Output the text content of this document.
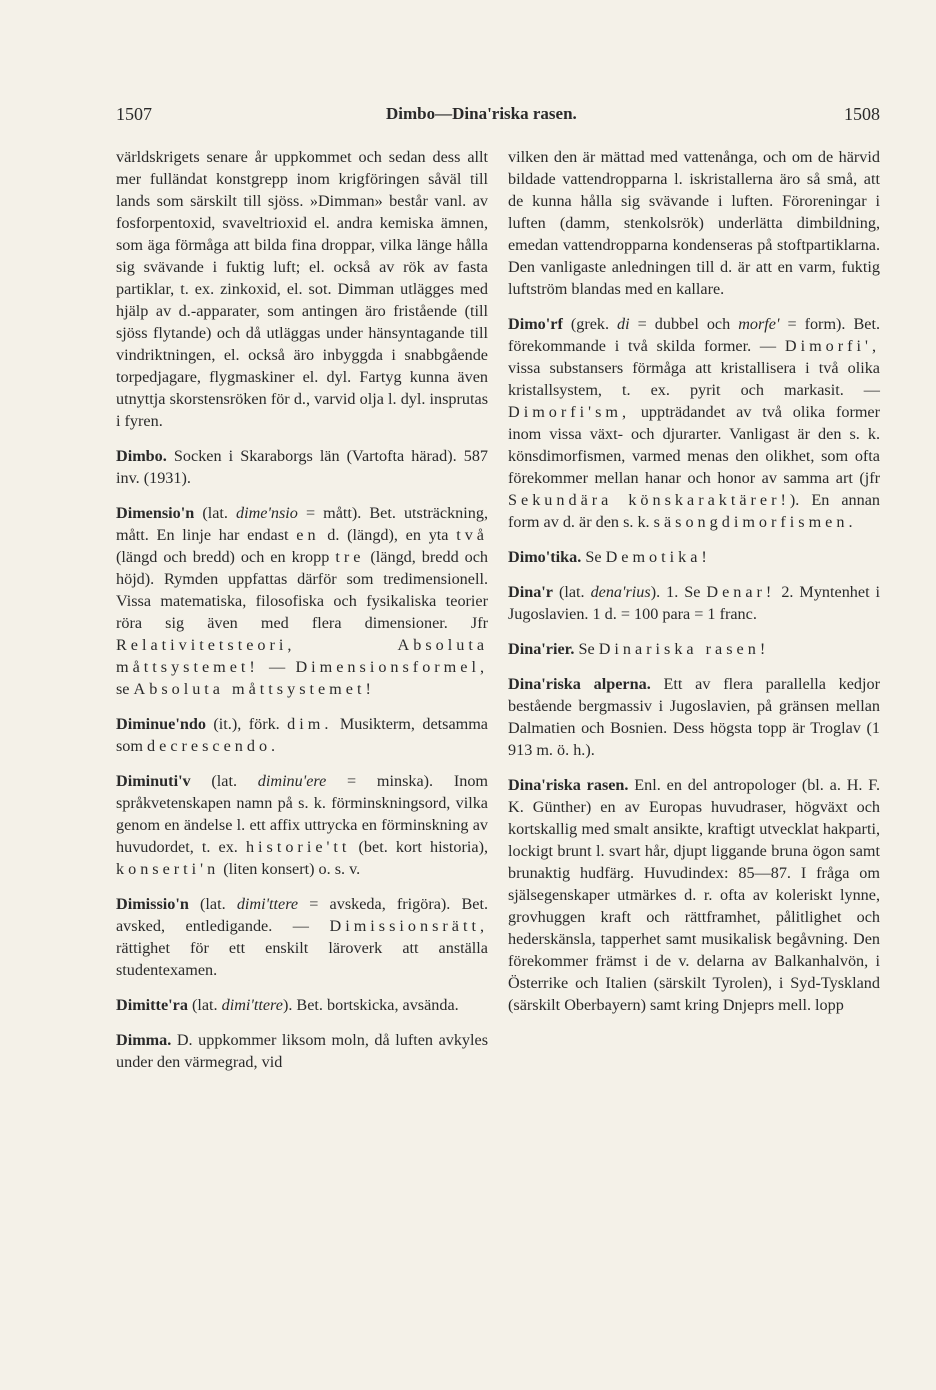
1507	Dimbo—Dina'riska rasen.	1508

världskrigets senare år uppkommet och sedan dess allt mer fulländat konstgrepp inom krigföringen såväl till lands som särskilt till sjöss. »Dimman» består vanl. av fosforpentoxid, svaveltrioxid el. andra kemiska ämnen, som äga förmåga att bilda fina droppar, vilka länge hålla sig svävande i fuktig luft; el. också av rök av fasta partiklar, t. ex. zinkoxid, el. sot. Dimman utlägges med hjälp av d.-apparater, som antingen äro fristående (till sjöss flytande) och då utläggas under hänsyntagande till vindriktningen, el. också äro inbyggda i snabbgående torpedjagare, flygmaskiner el. dyl. Fartyg kunna även utnyttja skorstensröken för d., varvid olja l. dyl. insprutas i fyren.

Dimbo. Socken i Skaraborgs län (Vartofta härad). 587 inv. (1931).

Dimensio'n (lat. dime'nsio = mått). Bet. utsträckning, mått. En linje har endast en d. (längd), en yta två (längd och bredd) och en kropp tre (längd, bredd och höjd). Rymden uppfattas därför som tredimensionell. Vissa matematiska, filosofiska och fysikaliska teorier röra sig även med flera dimensioner. Jfr Relativitetsteori,	Absoluta måttsystemet! — Dimensionsformel, se Absoluta måttsystemet!

Diminue'ndo (it.), förk. dim. Musikterm, detsamma som decrescendo.

Diminuti'v (lat. diminu'ere = minska). Inom språkvetenskapen namn på s. k. förminskningsord, vilka genom en ändelse l. ett affix uttrycka en förminskning av huvudordet, t. ex. historie'tt (bet. kort historia), konserti'n (liten konsert) o. s. v.

Dimissio'n (lat. dimi'ttere = avskeda, frigöra). Bet. avsked, entledigande. — Dimissionsrätt, rättighet för ett enskilt läroverk att anställa studentexamen.

Dimitte'ra (lat. dimi'ttere). Bet. bortskicka, avsända.

Dimma. D. uppkommer liksom moln, då luften avkyles under den värmegrad, vid

vilken den är mättad med vattenånga, och om de härvid bildade vattendropparna l. iskristallerna äro så små, att de kunna hålla sig svävande i luften. Föroreningar i luften (damm, stenkolsrök) underlätta dimbildning, emedan vattendropparna kondenseras på stoftpartiklarna. Den vanligaste anledningen till d. är att en varm, fuktig luftström blandas med en kallare.

Dimo'rf (grek. di = dubbel och morfe' = form). Bet. förekommande i två skilda former. — Dimorfi', vissa substansers förmåga att kristallisera i två olika kristallsystem, t. ex. pyrit och markasit. — Dimorfi'sm, uppträdandet av två olika former inom vissa växt- och djurarter. Vanligast är den s. k. könsdimorfismen, varmed menas den olikhet, som ofta förekommer mellan hanar och honor av samma art (jfr Sekundära könskaraktärer!). En annan form av d. är den s. k. säsongdimorfismen.

Dimo'tika. Se Demotika!

Dina'r (lat. dena'rius). 1. Se Denar! 2. Myntenhet i Jugoslavien. 1 d. = 100 para = 1 franc.

Dina'rier. Se Dinariska rasen!

Dina'riska alperna. Ett av flera parallella kedjor bestående bergmassiv i Jugoslavien, på gränsen mellan Dalmatien och Bosnien. Dess högsta topp är Troglav (1 913 m. ö. h.).

Dina'riska rasen. Enl. en del antropologer (bl. a. H. F. K. Günther) en av Europas huvudraser, högväxt och kortskallig med smalt ansikte, kraftigt utvecklat hakparti, lockigt brunt l. svart hår, djupt liggande bruna ögon samt brunaktig hudfärg. Huvudindex: 85—87. I fråga om själsegenskaper utmärkes d. r. ofta av koleriskt lynne, grovhuggen kraft och rättframhet, pålitlighet och hederskänsla, tapperhet samt musikalisk begåvning. Den förekommer främst i de v. delarna av Balkanhalvön, i Österrike och Italien (särskilt Tyrolen), i Syd-Tyskland (särskilt Oberbayern) samt kring Dnjeprs mell. lopp
